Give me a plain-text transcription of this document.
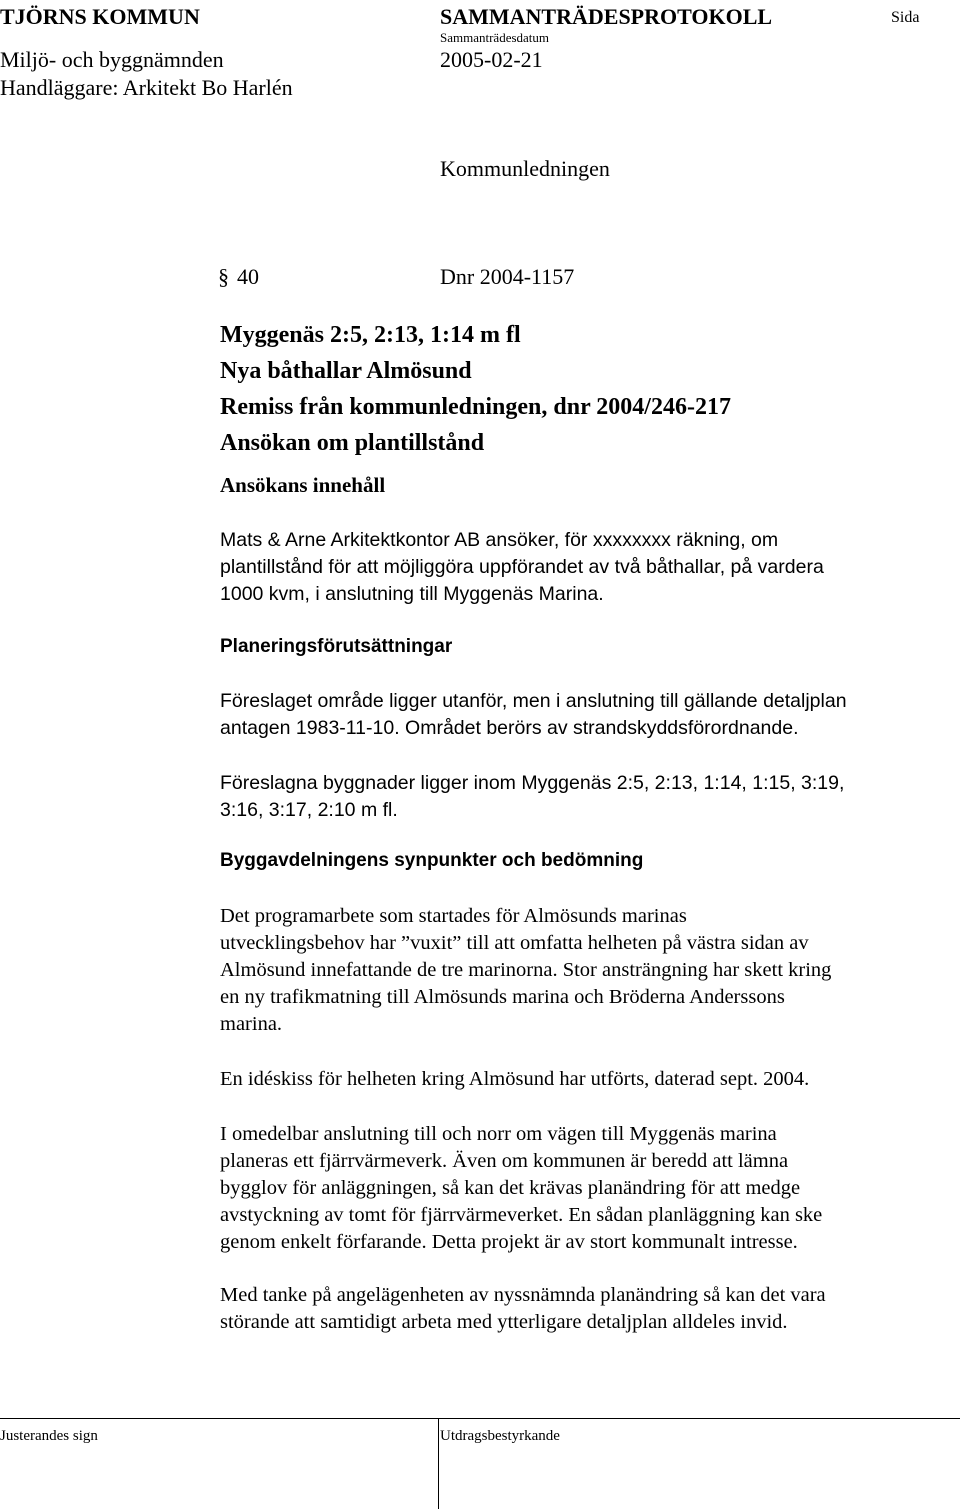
TJÖRNS KOMMUN	SAMMANTRÄDESPROTOKOLL	Sida
Sammanträdesdatum
Miljö- och byggnämnden	2005-02-21
Handläggare: Arkitekt Bo Harlén
Kommunledningen
§ 40	Dnr 2004-1157
Myggenäs 2:5, 2:13, 1:14 m fl
Nya båthallar Almösund
Remiss från kommunledningen, dnr 2004/246-217
Ansökan om plantillstånd
Ansökans innehåll
Mats & Arne Arkitektkontor AB ansöker, för xxxxxxxx räkning, om
plantillstånd för att möjliggöra uppförandet av två båthallar, på vardera
1000 kvm, i anslutning till Myggenäs Marina.
Planeringsförutsättningar
Föreslaget område ligger utanför, men i anslutning till gällande detaljplan
antagen 1983-11-10. Området berörs av strandskyddsförordnande.
Föreslagna byggnader ligger inom Myggenäs 2:5, 2:13, 1:14, 1:15, 3:19,
3:16, 3:17, 2:10 m fl.
Byggavdelningens synpunkter och bedömning
Det programarbete som startades för Almösunds marinas
utvecklingsbehov har ”vuxit” till att omfatta helheten på västra sidan av
Almösund innefattande de tre marinorna. Stor ansträngning har skett kring
en ny trafikmatning till Almösunds marina och Bröderna Anderssons
marina.
En idéskiss för helheten kring Almösund har utförts, daterad sept. 2004.
I omedelbar anslutning till och norr om vägen till Myggenäs marina
planeras ett fjärrvärmeverk. Även om kommunen är beredd att lämna
bygglov för anläggningen, så kan det krävas planändring för att medge
avstyckning av tomt för fjärrvärmeverket. En sådan planläggning kan ske
genom enkelt förfarande. Detta projekt är av stort kommunalt intresse.
Med tanke på angelägenheten av nyssnämnda planändring så kan det vara
störande att samtidigt arbeta med ytterligare detaljplan alldeles invid.
Justerandes sign	Utdragsbestyrkande
